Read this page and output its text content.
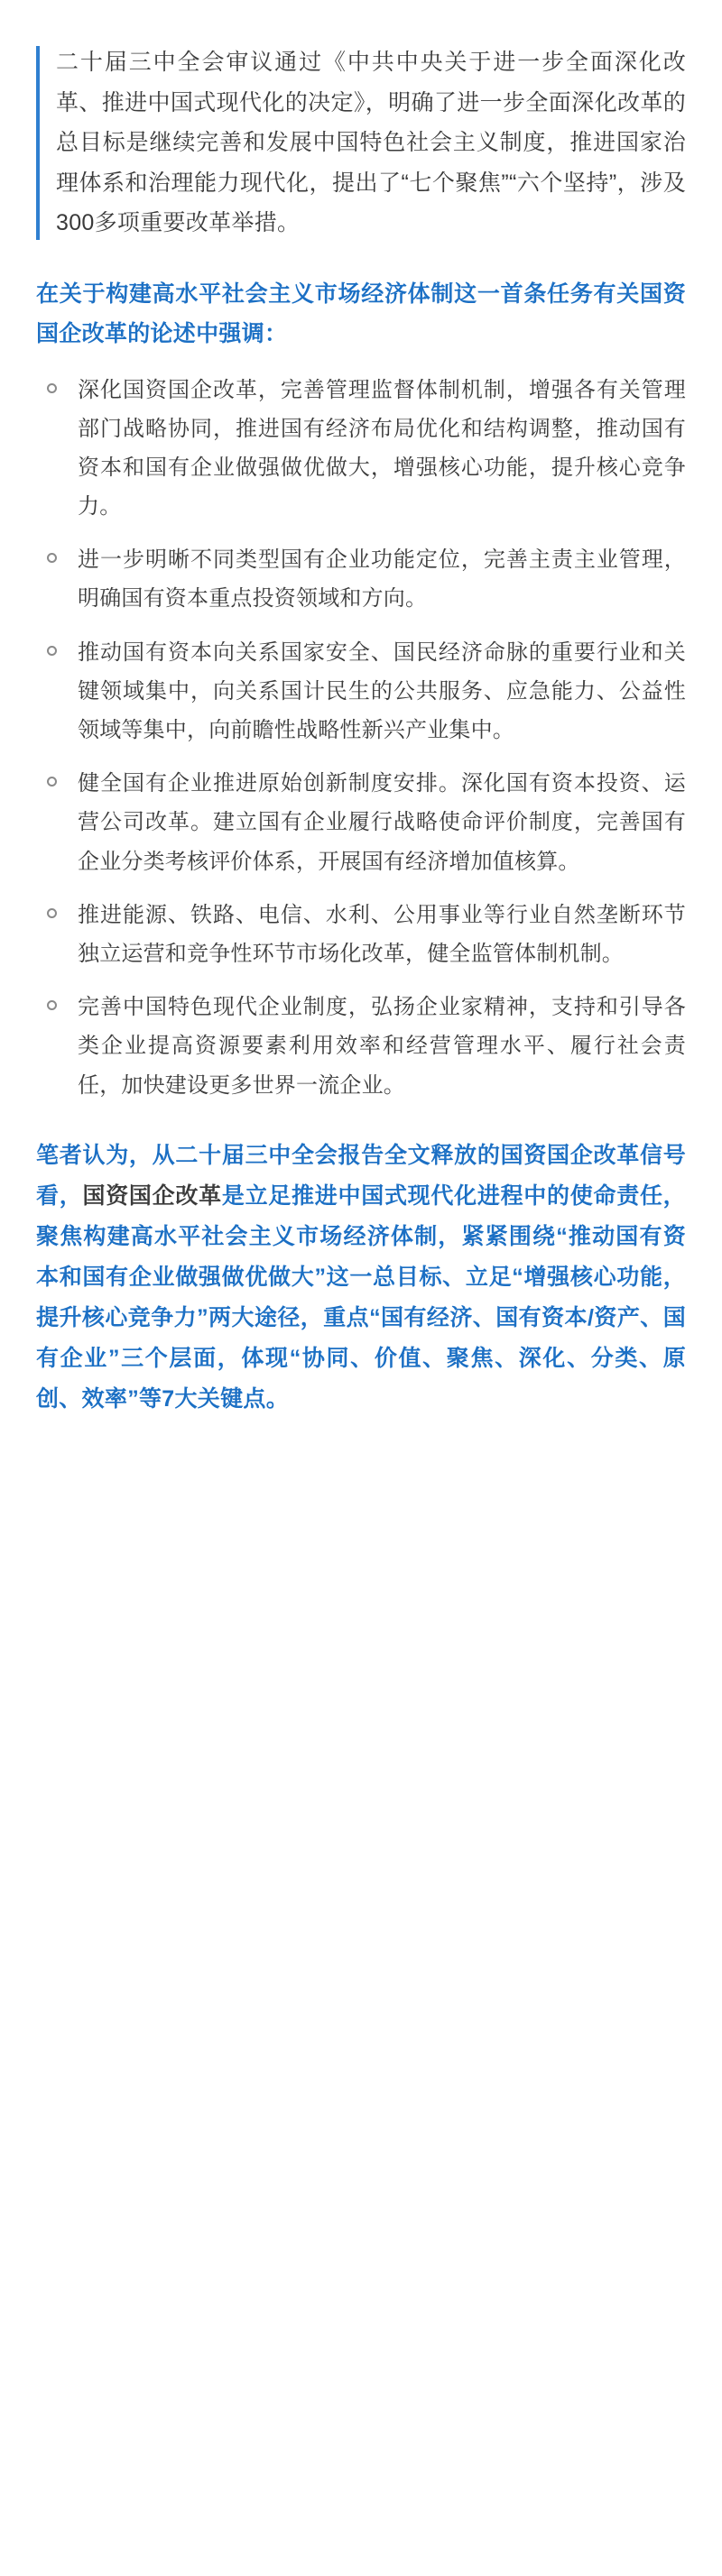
二十届三中全会审议通过《中共中央关于进一步全面深化改革、推进中国式现代化的决定》，明确了进一步全面深化改革的总目标是继续完善和发展中国特色社会主义制度，推进国家治理体系和治理能力现代化，提出了“七个聚焦”“六个坚持”，涉及300多项重要改革举措。

在关于构建高水平社会主义市场经济体制这一首条任务有关国资国企改革的论述中强调：

深化国资国企改革，完善管理监督体制机制，增强各有关管理部门战略协同，推进国有经济布局优化和结构调整，推动国有资本和国有企业做强做优做大，增强核心功能，提升核心竞争力。
进一步明晰不同类型国有企业功能定位，完善主责主业管理，明确国有资本重点投资领域和方向。
推动国有资本向关系国家安全、国民经济命脉的重要行业和关键领域集中，向关系国计民生的公共服务、应急能力、公益性领域等集中，向前瞻性战略性新兴产业集中。
健全国有企业推进原始创新制度安排。深化国有资本投资、运营公司改革。建立国有企业履行战略使命评价制度，完善国有企业分类考核评价体系，开展国有经济增加值核算。
推进能源、铁路、电信、水利、公用事业等行业自然垄断环节独立运营和竞争性环节市场化改革，健全监管体制机制。
完善中国特色现代企业制度，弘扬企业家精神，支持和引导各类企业提高资源要素利用效率和经营管理水平、履行社会责任，加快建设更多世界一流企业。

笔者认为，从二十届三中全会报告全文释放的国资国企改革信号看，国资国企改革是立足推进中国式现代化进程中的使命责任，聚焦构建高水平社会主义市场经济体制，紧紧围绕“推动国有资本和国有企业做强做优做大”这一总目标、立足“增强核心功能，提升核心竞争力”两大途径，重点“国有经济、国有资本/资产、国有企业”三个层面，体现“协同、价值、聚焦、深化、分类、原创、效率”等7大关键点。
